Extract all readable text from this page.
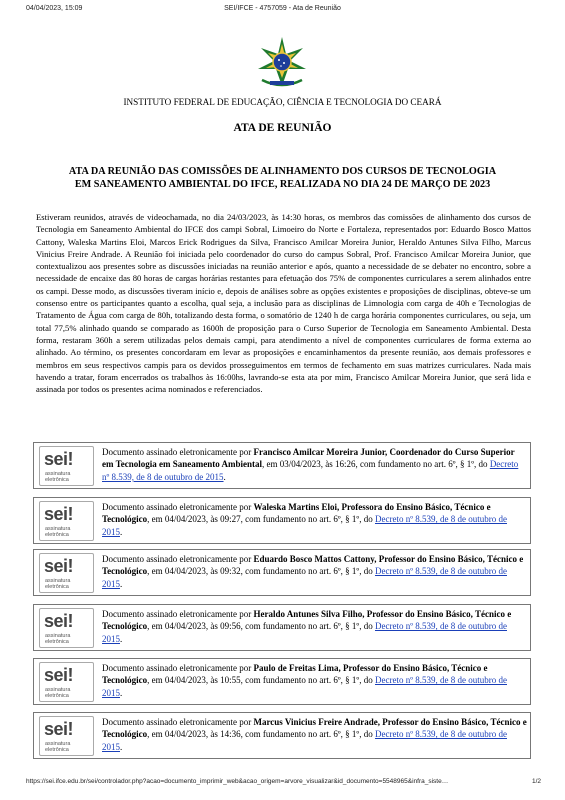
04/04/2023, 15:09	SEI/IFCE - 4757059 - Ata de Reunião
INSTITUTO FEDERAL DE EDUCAÇÃO, CIÊNCIA E TECNOLOGIA DO CEARÁ
ATA DE REUNIÃO
ATA DA REUNIÃO DAS COMISSÕES DE ALINHAMENTO DOS CURSOS DE TECNOLOGIA
EM SANEAMENTO AMBIENTAL DO IFCE, REALIZADA NO DIA 24 DE MARÇO DE 2023
Estiveram reunidos, através de videochamada, no dia 24/03/2023, às 14:30 horas, os membros das comissões de alinhamento dos cursos de Tecnologia em Saneamento Ambiental do IFCE dos campi Sobral, Limoeiro do Norte e Fortaleza, representados por: Eduardo Bosco Mattos Cattony, Waleska Martins Eloi, Marcos Erick Rodrigues da Silva, Francisco Amilcar Moreira Junior, Heraldo Antunes Silva Filho, Marcus Vinicius Freire Andrade. A Reunião foi iniciada pelo coordenador do curso do campus Sobral, Prof. Francisco Amilcar Moreira Junior, que contextualizou aos presentes sobre as discussões iniciadas na reunião anterior e após, quanto a necessidade de se debater no encontro, sobre a necessidade de encaixe das 80 horas de cargas horárias restantes para efetuação dos 75% de componentes curriculares a serem alinhados entre os campi. Desse modo, as discussões tiveram início e, depois de análises sobre as opções existentes e proposições de disciplinas, obteve-se um consenso entre os participantes quanto a escolha, qual seja, a inclusão para as disciplinas de Limnologia com carga de 40h e Tecnologias de Tratamento de Água com carga de 80h, totalizando desta forma, o somatório de 1240 h de carga horária componentes curriculares, ou seja, um total 77,5% alinhado quando se comparado as 1600h de proposição para o Curso Superior de Tecnologia em Saneamento Ambiental. Desta forma, restaram 360h a serem utilizadas pelos demais campi, para atendimento a nível de componentes curriculares de forma externa ao alinhado. Ao término, os presentes concordaram em levar as proposições e encaminhamentos da presente reunião, aos demais professores e membros em seus respectivos campis para os devidos prosseguimentos em termos de fechamento em suas matrizes curriculares. Nada mais havendo a tratar, foram encerrados os trabalhos às 16:00hs, lavrando-se esta ata por mim, Francisco Amilcar Moreira Junior, que será lida e assinada por todos os presentes acima nominados e referenciados.
sei!
assinatura
eletrônica
Documento assinado eletronicamente por Francisco Amilcar Moreira Junior, Coordenador do Curso Superior em Tecnologia em Saneamento Ambiental, em 03/04/2023, às 16:26, com fundamento no art. 6º, § 1º, do Decreto nº 8.539, de 8 de outubro de 2015.
sei!
assinatura
eletrônica
Documento assinado eletronicamente por Waleska Martins Eloi, Professora do Ensino Básico, Técnico e Tecnológico, em 04/04/2023, às 09:27, com fundamento no art. 6º, § 1º, do Decreto nº 8.539, de 8 de outubro de 2015.
sei!
assinatura
eletrônica
Documento assinado eletronicamente por Eduardo Bosco Mattos Cattony, Professor do Ensino Básico, Técnico e Tecnológico, em 04/04/2023, às 09:32, com fundamento no art. 6º, § 1º, do Decreto nº 8.539, de 8 de outubro de 2015.
sei!
assinatura
eletrônica
Documento assinado eletronicamente por Heraldo Antunes Silva Filho, Professor do Ensino Básico, Técnico e Tecnológico, em 04/04/2023, às 09:56, com fundamento no art. 6º, § 1º, do Decreto nº 8.539, de 8 de outubro de 2015.
sei!
assinatura
eletrônica
Documento assinado eletronicamente por Paulo de Freitas Lima, Professor do Ensino Básico, Técnico e Tecnológico, em 04/04/2023, às 10:55, com fundamento no art. 6º, § 1º, do Decreto nº 8.539, de 8 de outubro de 2015.
sei!
assinatura
eletrônica
Documento assinado eletronicamente por Marcus Vinicius Freire Andrade, Professor do Ensino Básico, Técnico e Tecnológico, em 04/04/2023, às 14:36, com fundamento no art. 6º, § 1º, do Decreto nº 8.539, de 8 de outubro de 2015.
https://sei.ifce.edu.br/sei/controlador.php?acao=documento_imprimir_web&acao_origem=arvore_visualizar&id_documento=5548965&infra_siste…	1/2
